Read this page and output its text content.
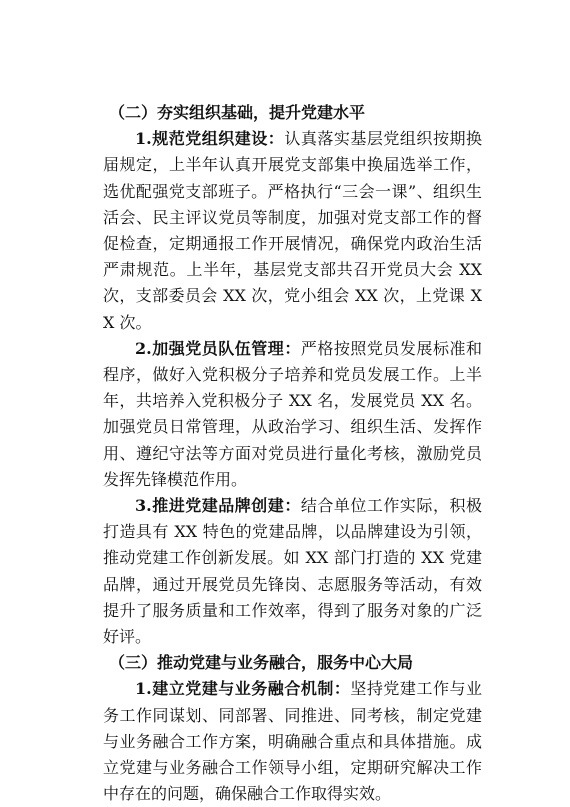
（二）夯实组织基础，提升党建水平

1.规范党组织建设：认真落实基层党组织按期换届规定，上半年认真开展党支部集中换届选举工作，选优配强党支部班子。严格执行“三会一课”、组织生活会、民主评议党员等制度，加强对党支部工作的督促检查，定期通报工作开展情况，确保党内政治生活严肃规范。上半年，基层党支部共召开党员大会 XX 次，支部委员会 XX 次，党小组会 XX 次，上党课 XX 次。

2.加强党员队伍管理：严格按照党员发展标准和程序，做好入党积极分子培养和党员发展工作。上半年，共培养入党积极分子 XX 名，发展党员 XX 名。加强党员日常管理，从政治学习、组织生活、发挥作用、遵纪守法等方面对党员进行量化考核，激励党员发挥先锋模范作用。

3.推进党建品牌创建：结合单位工作实际，积极打造具有 XX 特色的党建品牌，以品牌建设为引领，推动党建工作创新发展。如 XX 部门打造的 XX 党建品牌，通过开展党员先锋岗、志愿服务等活动，有效提升了服务质量和工作效率，得到了服务对象的广泛好评。

（三）推动党建与业务融合，服务中心大局

1.建立党建与业务融合机制：坚持党建工作与业务工作同谋划、同部署、同推进、同考核，制定党建与业务融合工作方案，明确融合重点和具体措施。成立党建与业务融合工作领导小组，定期研究解决工作中存在的问题，确保融合工作取得实效。
